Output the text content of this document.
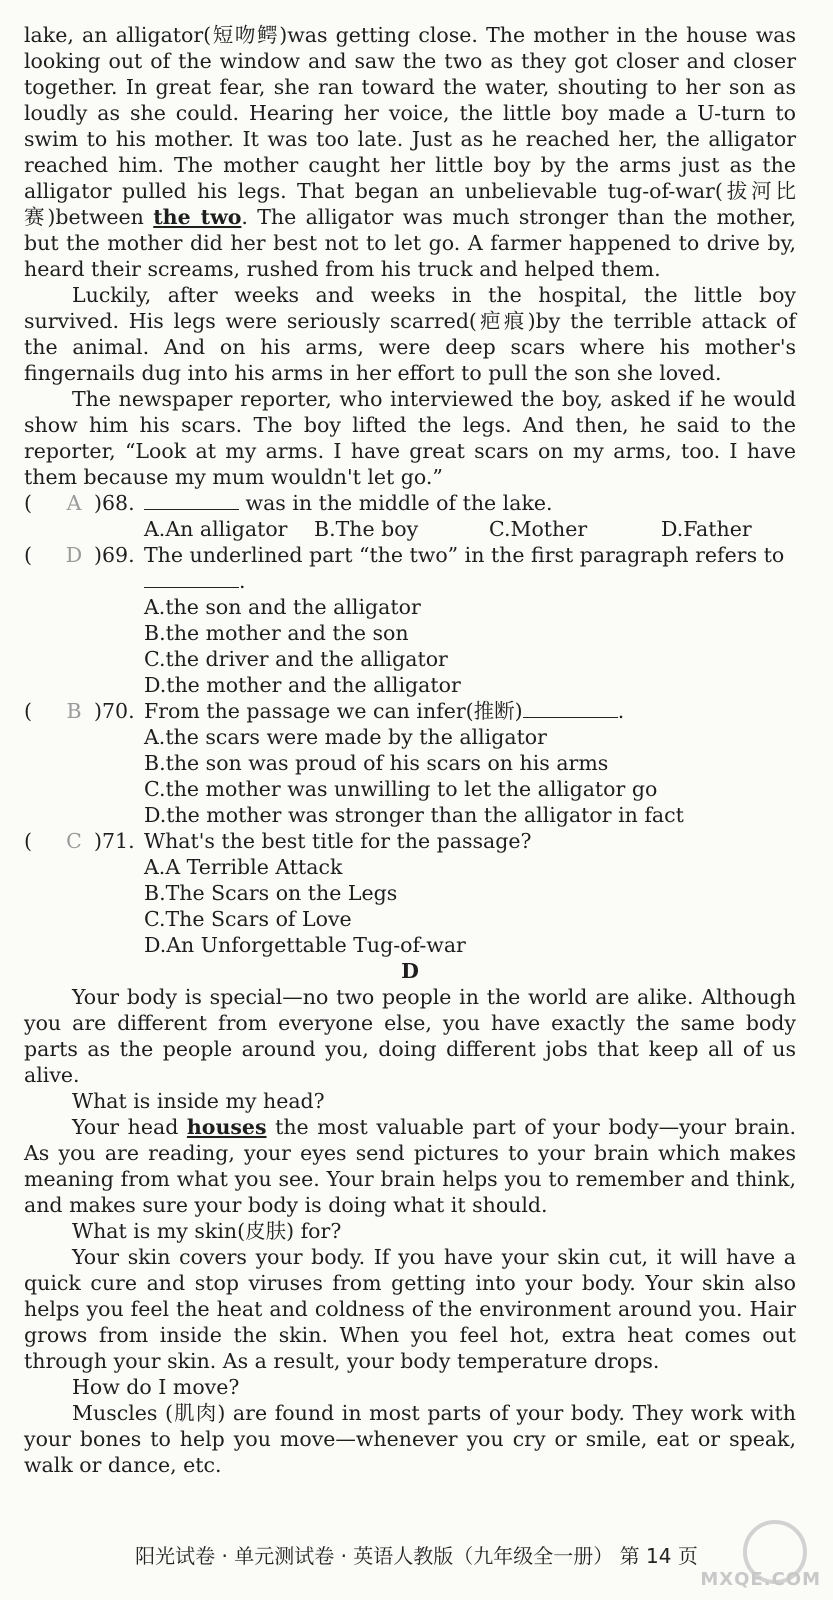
lake, an alligator(短吻鳄)was getting close. The mother in the house was looking out of the window and saw the two as they got closer and closer together. In great fear, she ran toward the water, shouting to her son as loudly as she could. Hearing her voice, the little boy made a U-turn to swim to his mother. It was too late. Just as he reached her, the alligator reached him. The mother caught her little boy by the arms just as the alligator pulled his legs. That began an unbelievable tug-of-war(拔河比赛)between the two. The alligator was much stronger than the mother, but the mother did her best not to let go. A farmer happened to drive by, heard their screams, rushed from his truck and helped them.

Luckily, after weeks and weeks in the hospital, the little boy survived. His legs were seriously scarred(疤痕)by the terrible attack of the animal. And on his arms, were deep scars where his mother's fingernails dug into his arms in her effort to pull the son she loved.

The newspaper reporter, who interviewed the boy, asked if he would show him his scars. The boy lifted the legs. And then, he said to the reporter, “Look at my arms. I have great scars on my arms, too. I have them because my mum wouldn't let go.”

(	A )68.	was in the middle of the lake.
A.An alligator	B.The boy	C.Mother	D.Father
(	D )69. The underlined part “the two” in the first paragraph refers to
.
A.the son and the alligator
B.the mother and the son
C.the driver and the alligator
D.the mother and the alligator
(	B )70. From the passage we can infer(推断)	.
A.the scars were made by the alligator
B.the son was proud of his scars on his arms
C.the mother was unwilling to let the alligator go
D.the mother was stronger than the alligator in fact
(	C )71. What's the best title for the passage?
A.A Terrible Attack
B.The Scars on the Legs
C.The Scars of Love
D.An Unforgettable Tug-of-war

D

Your body is special—no two people in the world are alike. Although you are different from everyone else, you have exactly the same body parts as the people around you, doing different jobs that keep all of us alive.

What is inside my head?

Your head houses the most valuable part of your body—your brain. As you are reading, your eyes send pictures to your brain which makes meaning from what you see. Your brain helps you to remember and think, and makes sure your body is doing what it should.

What is my skin(皮肤) for?

Your skin covers your body. If you have your skin cut, it will have a quick cure and stop viruses from getting into your body. Your skin also helps you feel the heat and coldness of the environment around you. Hair grows from inside the skin. When you feel hot, extra heat comes out through your skin. As a result, your body temperature drops.

How do I move?

Muscles (肌肉) are found in most parts of your body. They work with your bones to help you move—whenever you cry or smile, eat or speak, walk or dance, etc.

阳光试卷 · 单元测试卷 · 英语人教版（九年级全一册） 第 14 页
MXQE.COM
